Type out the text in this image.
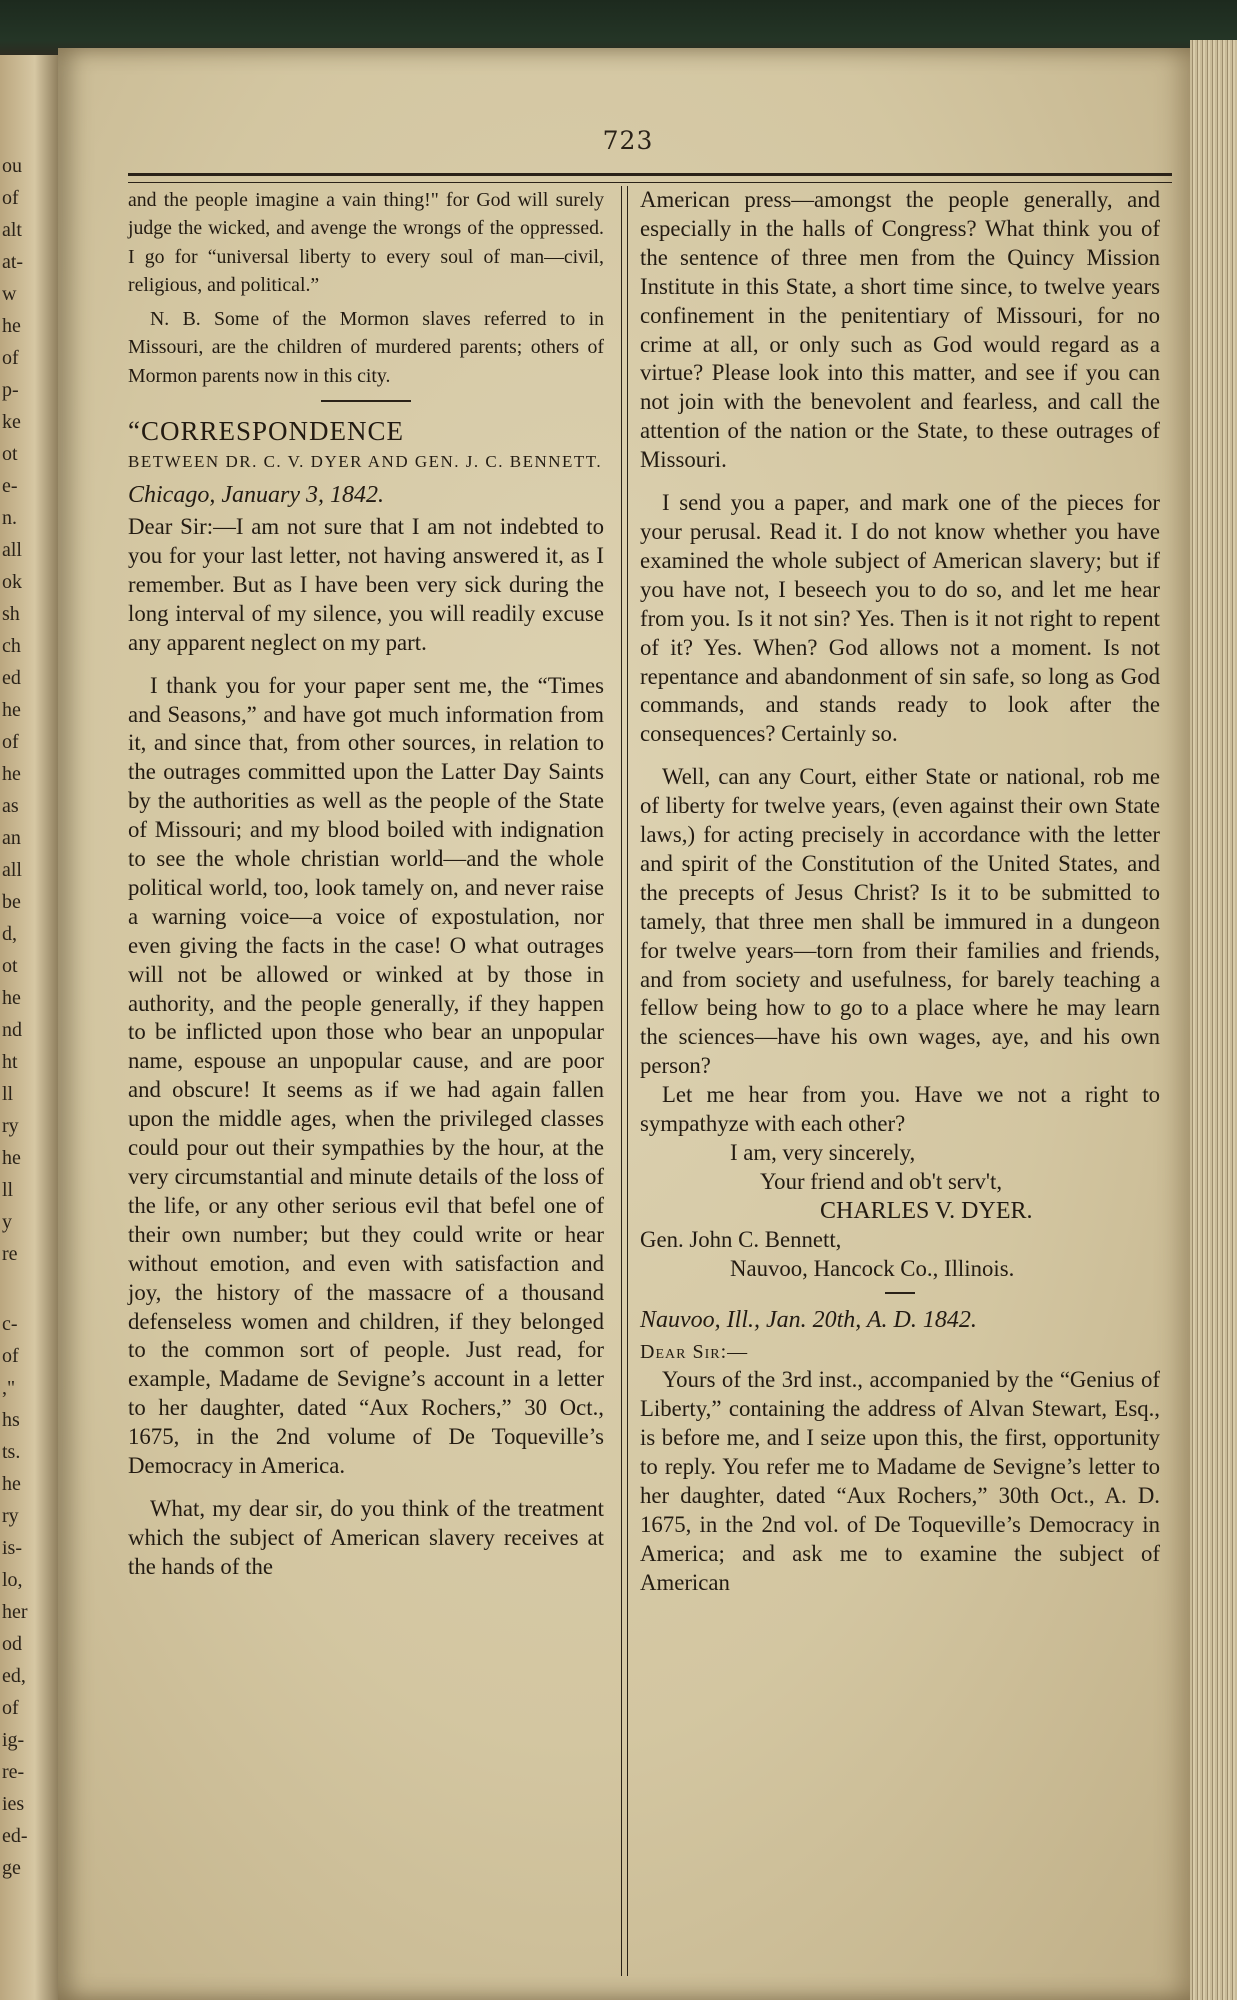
ou
of
alt
at-
w
he
of
p-
ke
ot
e-
n.
all
ok
sh
ch
ed
he
of
he
as
an
all
be
d,
ot
he
nd
ht
ll
ry
he
ll
y
re
c-
of
,"
hs
ts.
he
ry
is-
lo,
her
od
ed,
of
ig-
re-
ies
ed-
ge
723

and the people imagine a vain thing!" for God will surely judge the wicked, and avenge the wrongs of the oppressed. I go for “universal liberty to every soul of man—civil, religious, and political.”

N. B. Some of the Mormon slaves referred to in Missouri, are the children of murdered parents; others of Mormon parents now in this city.

“CORRESPONDENCE

BETWEEN DR. C. V. DYER AND GEN. J. C. BENNETT.

Chicago, January 3, 1842.

Dear Sir:—I am not sure that I am not indebted to you for your last letter, not having answered it, as I remember. But as I have been very sick during the long interval of my silence, you will readily excuse any apparent neglect on my part.

I thank you for your paper sent me, the “Times and Seasons,” and have got much information from it, and since that, from other sources, in relation to the outrages committed upon the Latter Day Saints by the authorities as well as the people of the State of Missouri; and my blood boiled with indignation to see the whole christian world—and the whole political world, too, look tamely on, and never raise a warning voice—a voice of expostulation, nor even giving the facts in the case! O what outrages will not be allowed or winked at by those in authority, and the people generally, if they happen to be inflicted upon those who bear an unpopular name, espouse an unpopular cause, and are poor and obscure! It seems as if we had again fallen upon the middle ages, when the privileged classes could pour out their sympathies by the hour, at the very circumstantial and minute details of the loss of the life, or any other serious evil that befel one of their own number; but they could write or hear without emotion, and even with satisfaction and joy, the history of the massacre of a thousand defenseless women and children, if they belonged to the common sort of people. Just read, for example, Madame de Sevigne’s account in a letter to her daughter, dated “Aux Rochers,” 30 Oct., 1675, in the 2nd volume of De Toqueville’s Democracy in America.

What, my dear sir, do you think of the treatment which the subject of American slavery receives at the hands of the

American press—amongst the people generally, and especially in the halls of Congress? What think you of the sentence of three men from the Quincy Mission Institute in this State, a short time since, to twelve years confinement in the penitentiary of Missouri, for no crime at all, or only such as God would regard as a virtue? Please look into this matter, and see if you can not join with the benevolent and fearless, and call the attention of the nation or the State, to these outrages of Missouri.

I send you a paper, and mark one of the pieces for your perusal. Read it. I do not know whether you have examined the whole subject of American slavery; but if you have not, I beseech you to do so, and let me hear from you. Is it not sin? Yes. Then is it not right to repent of it? Yes. When? God allows not a moment. Is not repentance and abandonment of sin safe, so long as God commands, and stands ready to look after the consequences? Certainly so.

Well, can any Court, either State or national, rob me of liberty for twelve years, (even against their own State laws,) for acting precisely in accordance with the letter and spirit of the Constitution of the United States, and the precepts of Jesus Christ? Is it to be submitted to tamely, that three men shall be immured in a dungeon for twelve years—torn from their families and friends, and from society and usefulness, for barely teaching a fellow being how to go to a place where he may learn the sciences—have his own wages, aye, and his own person?

Let me hear from you. Have we not a right to sympathyze with each other?

I am, very sincerely,

Your friend and ob't serv't,

CHARLES V. DYER.

Gen. John C. Bennett,

Nauvoo, Hancock Co., Illinois.

Nauvoo, Ill., Jan. 20th, A. D. 1842.

Dear Sir:—

Yours of the 3rd inst., accompanied by the “Genius of Liberty,” containing the address of Alvan Stewart, Esq., is before me, and I seize upon this, the first, opportunity to reply. You refer me to Madame de Sevigne’s letter to her daughter, dated “Aux Rochers,” 30th Oct., A. D. 1675, in the 2nd vol. of De Toqueville’s Democracy in America; and ask me to examine the subject of American
